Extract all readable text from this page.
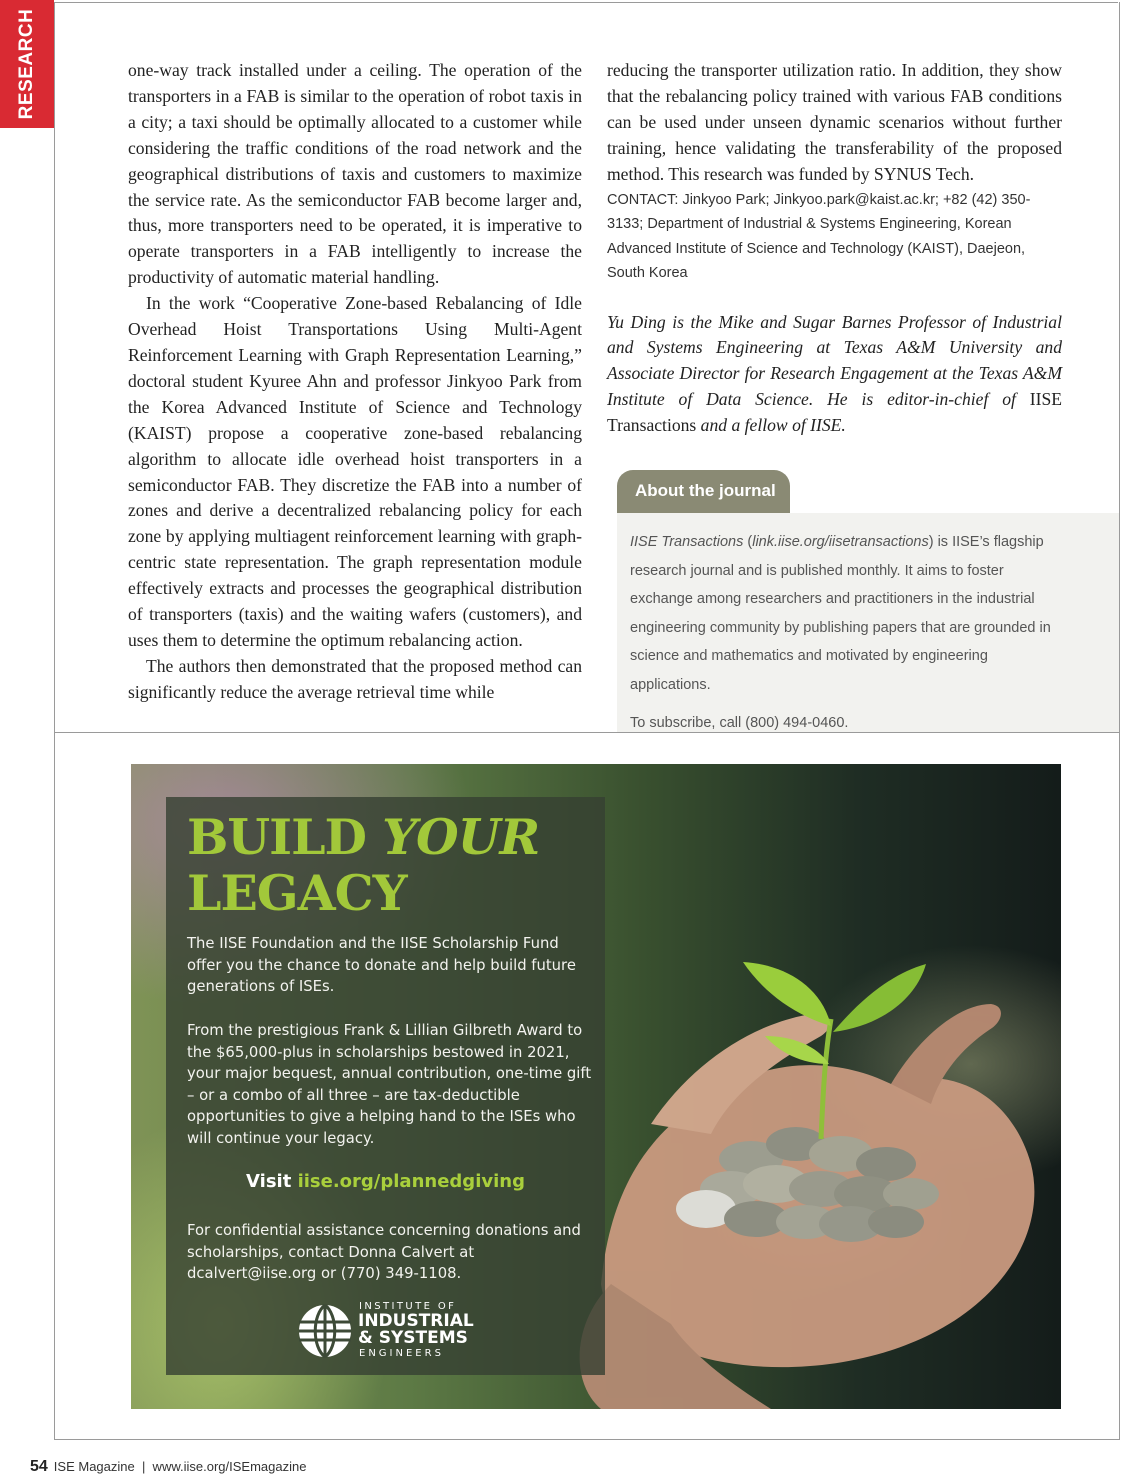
RESEARCH	one-way track installed under a ceiling. The operation of the transporters in a FAB is similar to the operation of robot taxis in a city; a taxi should be optimally allocated to a customer while considering the traffic conditions of the road network and the geographical distributions of taxis and customers to maximize the service rate. As the semiconductor FAB become larger and, thus, more transporters need to be operated, it is imperative to operate transporters in a FAB intelligently to increase the productivity of automatic material handling.

In the work “Cooperative Zone-based Rebalancing of Idle Overhead Hoist Transportations Using Multi-Agent Reinforcement Learning with Graph Representation Learning,” doctoral student Kyuree Ahn and professor Jinkyoo Park from the Korea Advanced Institute of Science and Technology (KAIST) propose a cooperative zone-based rebalancing algorithm to allocate idle overhead hoist transporters in a semiconductor FAB. They discretize the FAB into a number of zones and derive a decentralized rebalancing policy for each zone by applying multiagent reinforcement learning with graph-centric state representation. The graph representation module effectively extracts and processes the geographical distribution of transporters (taxis) and the waiting wafers (customers), and uses them to determine the optimum rebalancing action.

The authors then demonstrated that the proposed method can significantly reduce the average retrieval time while

reducing the transporter utilization ratio. In addition, they show that the rebalancing policy trained with various FAB conditions can be used under unseen dynamic scenarios without further training, hence validating the transferability of the proposed method. This research was funded by SYNUS Tech.

CONTACT: Jinkyoo Park; Jinkyoo.park@kaist.ac.kr; +82 (42) 350-3133; Department of Industrial & Systems Engineering, Korean Advanced Institute of Science and Technology (KAIST), Daejeon, South Korea

Yu Ding is the Mike and Sugar Barnes Professor of Industrial and Systems Engineering at Texas A&M University and Associate Director for Research Engagement at the Texas A&M Institute of Data Science. He is editor-in-chief of IISE Transactions and a fellow of IISE.

About the journal

IISE Transactions (link.iise.org/iisetransactions) is IISE’s flagship research journal and is published monthly. It aims to foster exchange among researchers and practitioners in the industrial engineering community by publishing papers that are grounded in science and mathematics and motivated by engineering applications.

To subscribe, call (800) 494-0460.

BUILD YOUR
LEGACY

The IISE Foundation and the IISE Scholarship Fund offer you the chance to donate and help build future generations of ISEs.

From the prestigious Frank & Lillian Gilbreth Award to the $65,000-plus in scholarships bestowed in 2021, your major bequest, annual contribution, one-time gift – or a combo of all three – are tax-deductible opportunities to give a helping hand to the ISEs who will continue your legacy.

Visit iise.org/plannedgiving

For confidential assistance concerning donations and scholarships, contact Donna Calvert at dcalvert@iise.org or (770) 349-1108.

INSTITUTE OF
INDUSTRIAL
& SYSTEMS
ENGINEERS
54 ISE Magazine  |  www.iise.org/ISEmagazine
